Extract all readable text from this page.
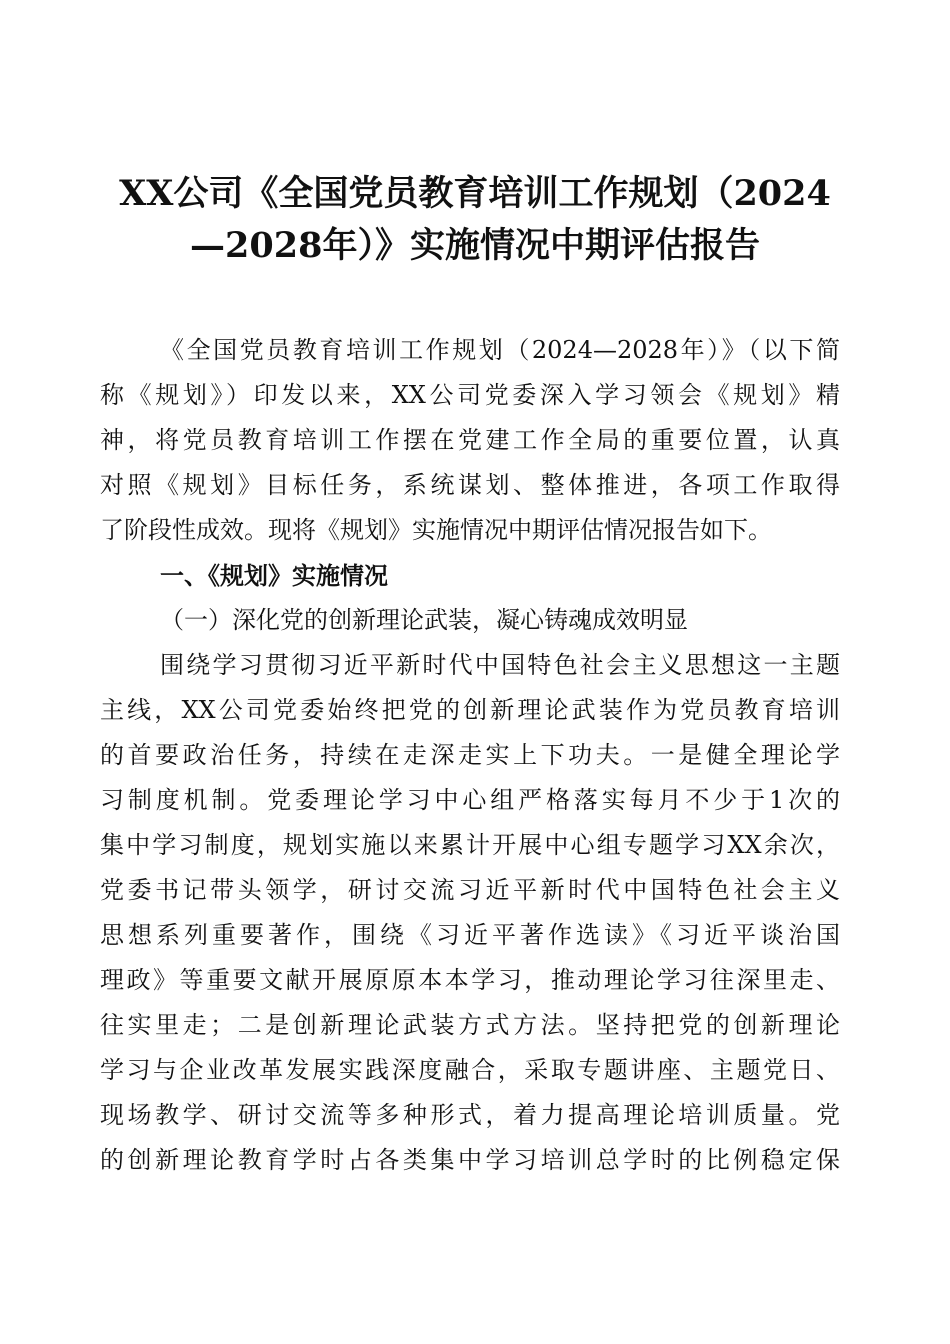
XX公司《全国党员教育培训工作规划（2024
—2028年）》实施情况中期评估报告
《全国党员教育培训工作规划（2024—2028年）》（以下简
称《规划》）印发以来，XX公司党委深入学习领会《规划》精
神，将党员教育培训工作摆在党建工作全局的重要位置，认真
对照《规划》目标任务，系统谋划、整体推进，各项工作取得
了阶段性成效。现将《规划》实施情况中期评估情况报告如下。
一、《规划》实施情况
（一）深化党的创新理论武装，凝心铸魂成效明显
围绕学习贯彻习近平新时代中国特色社会主义思想这一主题
主线，XX公司党委始终把党的创新理论武装作为党员教育培训
的首要政治任务，持续在走深走实上下功夫。一是健全理论学
习制度机制。党委理论学习中心组严格落实每月不少于1次的
集中学习制度，规划实施以来累计开展中心组专题学习XX余次，
党委书记带头领学，研讨交流习近平新时代中国特色社会主义
思想系列重要著作，围绕《习近平著作选读》《习近平谈治国
理政》等重要文献开展原原本本学习，推动理论学习往深里走、
往实里走；二是创新理论武装方式方法。坚持把党的创新理论
学习与企业改革发展实践深度融合，采取专题讲座、主题党日、
现场教学、研讨交流等多种形式，着力提高理论培训质量。党
的创新理论教育学时占各类集中学习培训总学时的比例稳定保
